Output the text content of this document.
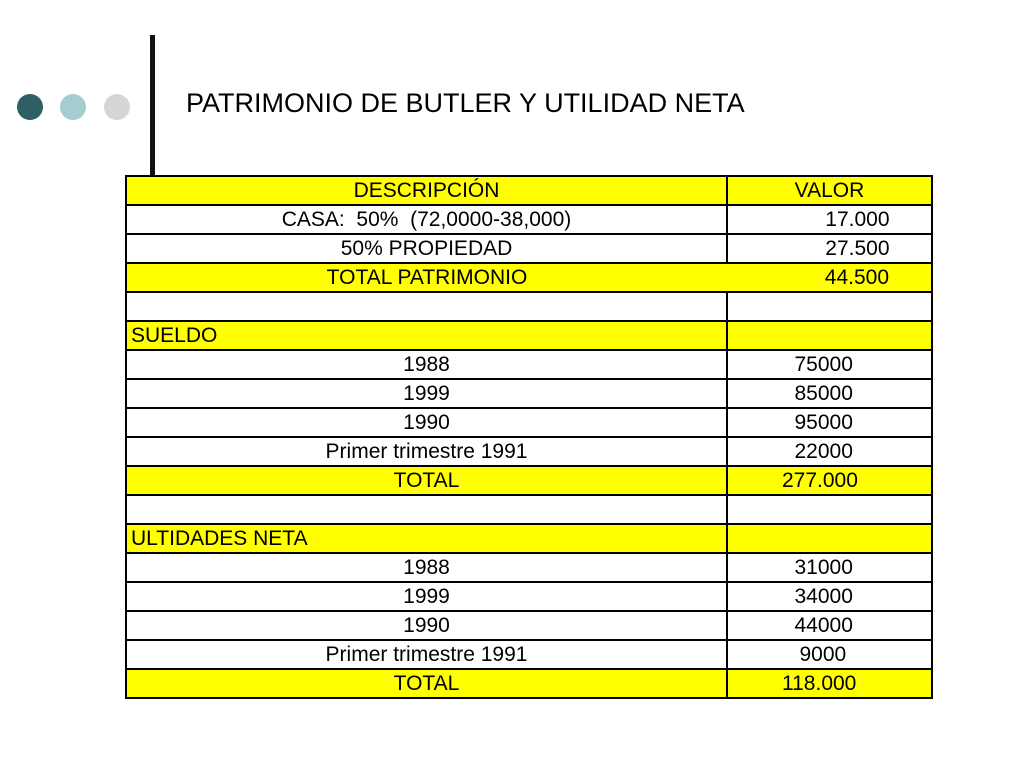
PATRIMONIO DE BUTLER Y UTILIDAD NETA
DESCRIPCIÓN	VALOR
CASA:  50%  (72,0000-38,000)	17.000
50% PROPIEDAD	27.500
TOTAL PATRIMONIO	44.500

SUELDO	
1988	75000
1999	85000
1990	95000
Primer trimestre 1991	22000
TOTAL	277.000

ULTIDADES NETA	
1988	31000
1999	34000
1990	44000
Primer trimestre 1991	9000
TOTAL	118.000
